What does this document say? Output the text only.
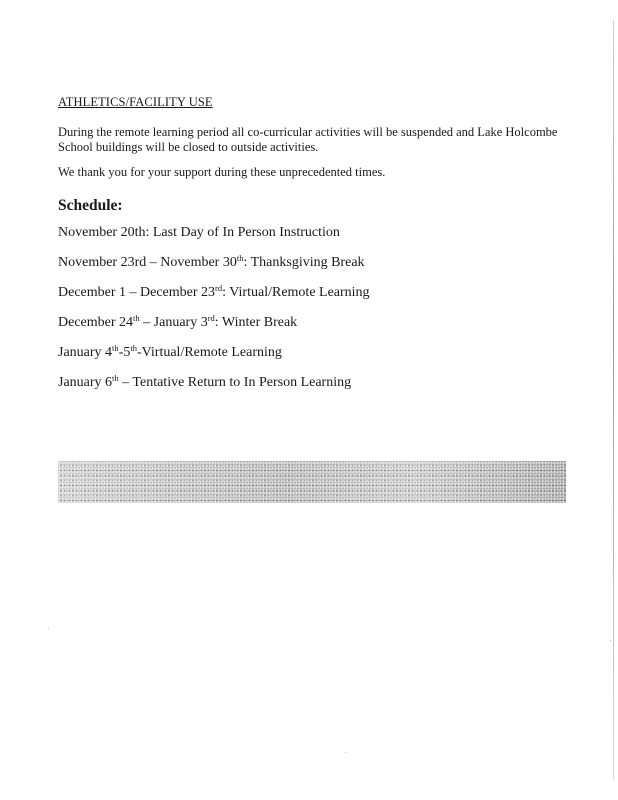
ATHLETICS/FACILITY USE
During the remote learning period all co-curricular activities will be suspended and Lake Holcombe School buildings will be closed to outside activities.
We thank you for your support during these unprecedented times.
Schedule:
November 20th: Last Day of In Person Instruction
November 23rd – November 30th: Thanksgiving Break
December 1 – December 23rd: Virtual/Remote Learning
December 24th – January 3rd: Winter Break
January 4th-5th-Virtual/Remote Learning
January 6th – Tentative Return to In Person Learning
